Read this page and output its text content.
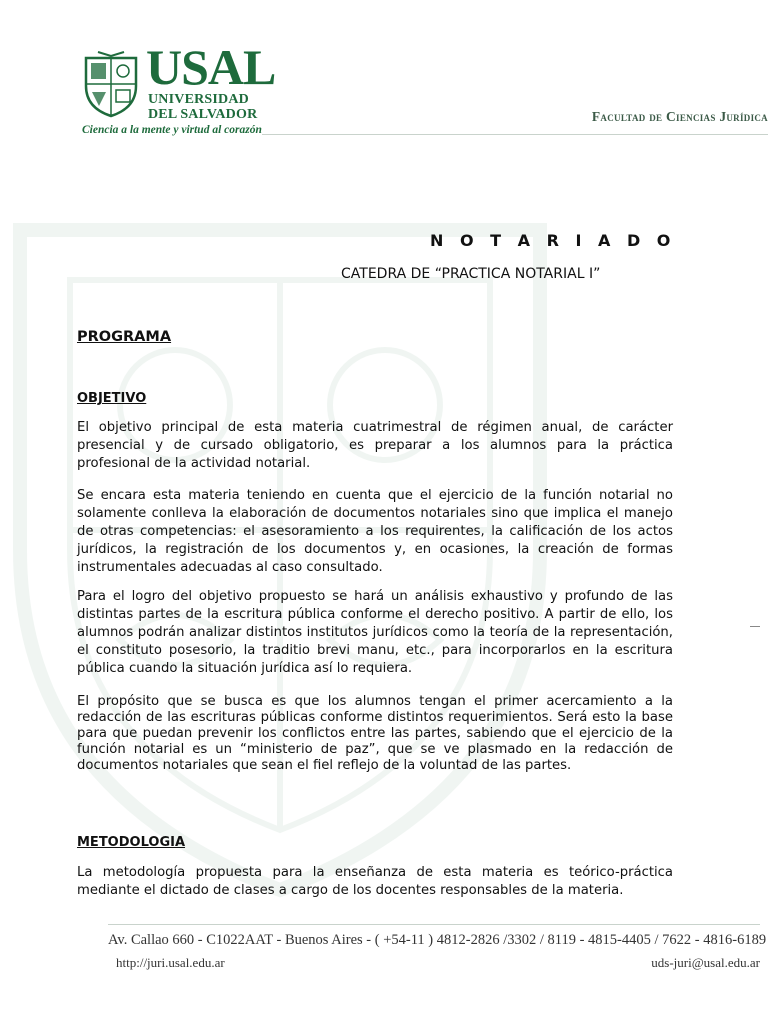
USAL
UNIVERSIDAD
DEL SALVADOR
Ciencia a la mente y virtud al corazón
Facultad de Ciencias Jurídica
N O T A R I A D O
CATEDRA DE “PRACTICA NOTARIAL I”
PROGRAMA
OBJETIVO
El objetivo principal de esta materia cuatrimestral de régimen anual, de carácter presencial y de cursado obligatorio, es preparar a los alumnos para la práctica profesional de la actividad notarial.
Se encara esta materia teniendo en cuenta que el ejercicio de la función notarial no solamente conlleva la elaboración de documentos notariales sino que implica el manejo de otras competencias: el asesoramiento a los requirentes, la calificación de los actos jurídicos, la registración de los documentos y, en ocasiones, la creación de formas instrumentales adecuadas al caso consultado.
Para el logro del objetivo propuesto se hará un análisis exhaustivo y profundo de las distintas partes de la escritura pública conforme el derecho positivo. A partir de ello, los alumnos podrán analizar distintos institutos jurídicos como la teoría de la representación, el constituto posesorio, la traditio brevi manu, etc., para incorporarlos en la escritura pública cuando la situación jurídica así lo requiera.
El propósito que se busca es que los alumnos tengan el primer acercamiento a la redacción de las escrituras públicas conforme distintos requerimientos. Será esto la base para que puedan prevenir los conflictos entre las partes, sabiendo que el ejercicio de la función notarial es un “ministerio de paz”, que se ve plasmado en la redacción de documentos notariales que sean el fiel reflejo de la voluntad de las partes.
METODOLOGIA
La metodología propuesta para la enseñanza de esta materia es teórico-práctica mediante el dictado de clases a cargo de los docentes responsables de la materia.
Av. Callao 660 - C1022AAT - Buenos Aires - ( +54-11 ) 4812-2826 /3302 / 8119 - 4815-4405 / 7622 - 4816-6189
http://juri.usal.edu.ar	uds-juri@usal.edu.ar
